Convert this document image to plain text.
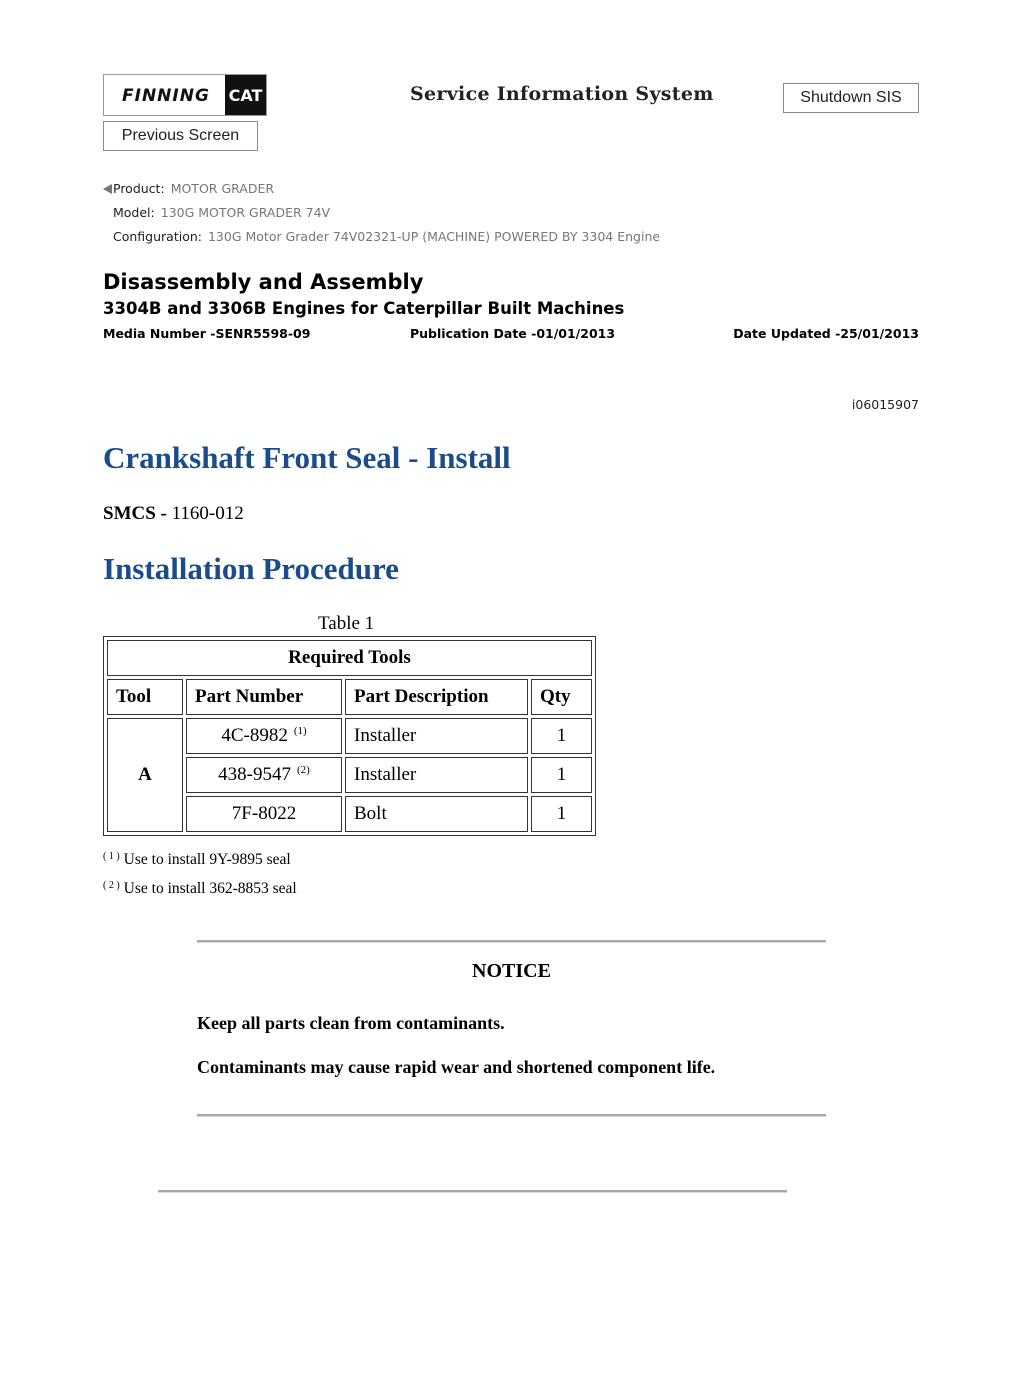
FINNING CAT	Service Information System	Shutdown SIS
Previous Screen
Product: MOTOR GRADER
Model: 130G MOTOR GRADER 74V
Configuration: 130G Motor Grader 74V02321-UP (MACHINE) POWERED BY 3304 Engine
Disassembly and Assembly
3304B and 3306B Engines for Caterpillar Built Machines
Media Number -SENR5598-09	Publication Date -01/01/2013	Date Updated -25/01/2013
i06015907
Crankshaft Front Seal - Install
SMCS - 1160-012
Installation Procedure
Table 1
Required Tools			
Tool	Part Number	Part Description	Qty
A	4C-8982 $^{(1)}$	Installer	1
	438-9547 $^{(2)}$	Installer	1
	7F-8022	Bolt	1
$^{( 1 )}$ Use to install 9Y-9895 seal
$^{( 2 )}$ Use to install 362-8853 seal
NOTICE
Keep all parts clean from contaminants.
Contaminants may cause rapid wear and shortened component life.
